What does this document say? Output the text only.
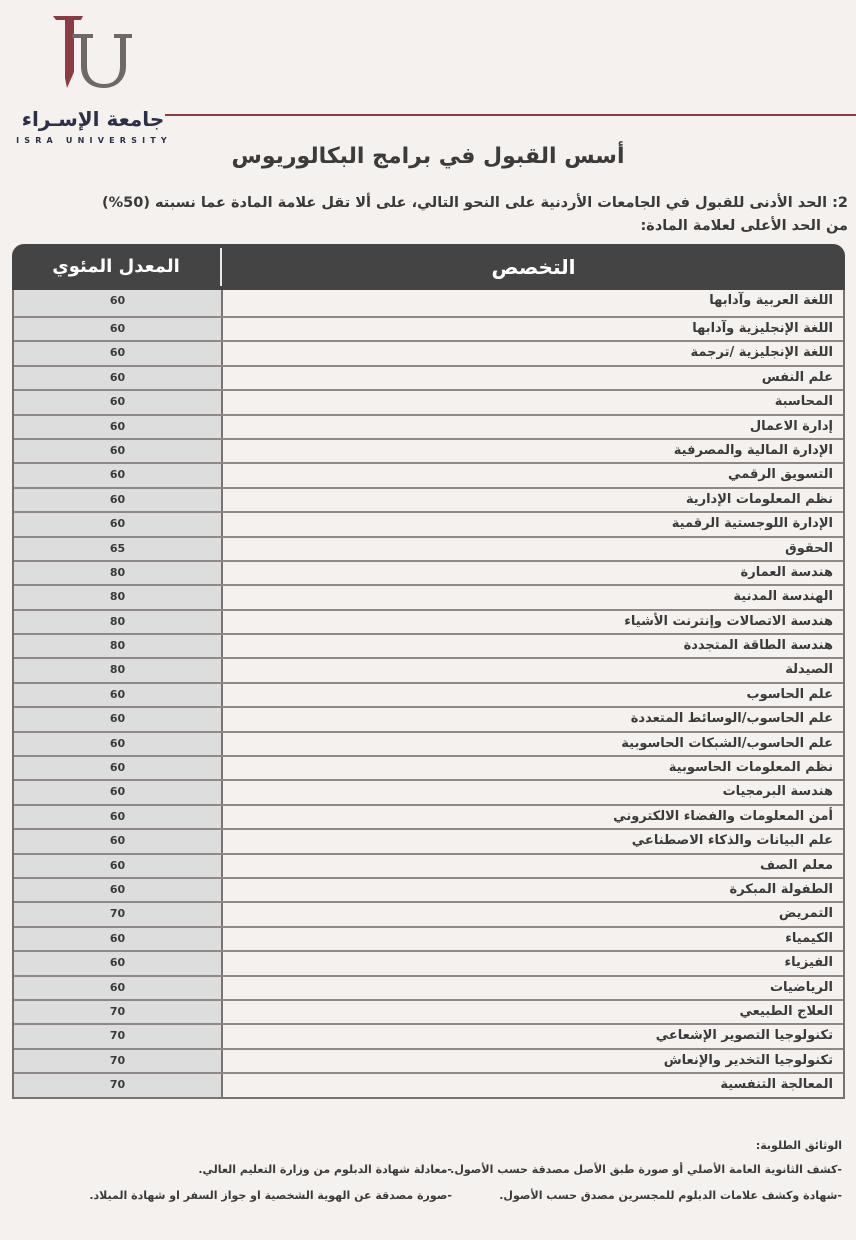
جامعة الإسـراء
ISRA UNIVERSITY
أسس القبول في برامج البكالوريوس
2: الحد الأدنى للقبول في الجامعات الأردنية على النحو التالي، على ألا تقل علامة المادة عما نسبته (50%)
من الحد الأعلى لعلامة المادة:
التخصص
المعدل المئوي
اللغة العربية وآدابها
60
اللغة الإنجليزية وآدابها
60
اللغة الإنجليزية /ترجمة
60
علم النفس
60
المحاسبة
60
إدارة الاعمال
60
الإدارة المالية والمصرفية
60
التسويق الرقمي
60
نظم المعلومات الإدارية
60
الإدارة اللوجستية الرقمية
60
الحقوق
65
هندسة العمارة
80
الهندسة المدنية
80
هندسة الاتصالات وإنترنت الأشياء
80
هندسة الطاقة المتجددة
80
الصيدلة
80
علم الحاسوب
60
علم الحاسوب/الوسائط المتعددة
60
علم الحاسوب/الشبكات الحاسوبية
60
نظم المعلومات الحاسوبية
60
هندسة البرمجيات
60
أمن المعلومات والفضاء الالكتروني
60
علم البيانات والذكاء الاصطناعي
60
معلم الصف
60
الطفولة المبكرة
60
التمريض
70
الكيمياء
60
الفيزياء
60
الرياضيات
60
العلاج الطبيعي
70
تكنولوجيا التصوير الإشعاعي
70
تكنولوجيا التخدير والإنعاش
70
المعالجة التنفسية
70
الوثائق الطلوبة:
-كشف الثانوية العامة الأصلي أو صورة طبق الأصل مصدقة حسب الأصول.
-معادلة شهادة الدبلوم من وزارة التعليم العالي.
-شهادة وكشف علامات الدبلوم للمجسرين مصدق حسب الأصول.
-صورة مصدقة عن الهوية الشخصية او جواز السفر او شهادة الميلاد.
